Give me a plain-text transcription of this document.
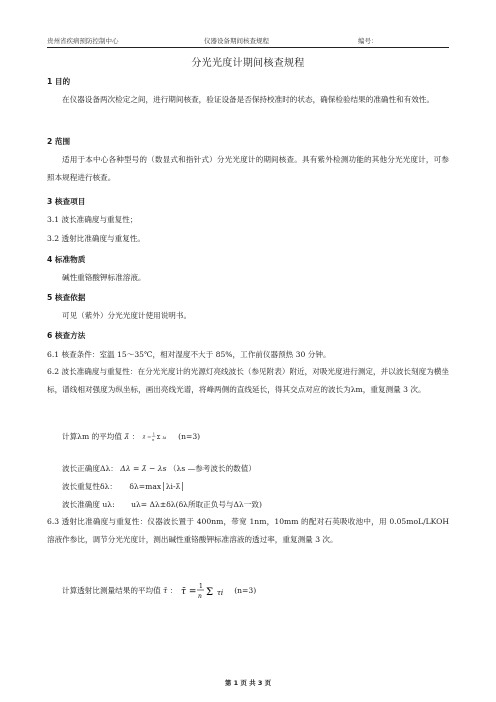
贵州省疾病预防控制中心	仪器设备期间核查规程	编号：
分光光度计期间核查规程
1 目的
在仪器设备两次检定之间，进行期间核查，验证设备是否保持校准时的状态，确保检验结果的准确性和有效性。
2 范围
适用于本中心各种型号的（数显式和指针式）分光光度计的期间核查。具有紫外检测功能的其他分光光度计，可参照本规程进行核查。
3 核查项目
3.1 波长准确度与重复性；
3.2 透射比准确度与重复性。
4 标准物质
碱性重铬酸钾标准溶液。
5 核查依据
可见（紫外）分光光度计使用说明书。
6 核查方法
6.1 核查条件：室温 15～35℃，相对湿度不大于 85%，工作前仪器预热 30 分钟。
6.2 波长准确度与重复性：在分光光度计的光源灯亮线波长（参见附表）附近，对吸光度进行测定，并以波长刻度为横坐标，谱线相对强度为纵坐标，画出亮线光谱，将峰两侧的直线延长，得其交点对应的波长为λm，重复测量 3 次。
计算λm 的平均值 λ̄ ： λ̄ =
1
n Σ λi (n=3)
波长正确度Δλ： Δλ = λ̄ − λs （λs —参考波长的数值）
波长重复性δλ： δλ=max│λi-λ̄│
波长准确度 uλ: uλ= Δλ±δλ(δλ所取正负号与Δλ一致)
6.3 透射比准确度与重复性：仪器波长置于 400nm，带宽 1nm，10mm 的配对石英吸收池中，用 0.05moL/LKOH 溶液作参比，调节分光光度计，测出碱性重铬酸钾标准溶液的透过率，重复测量 3 次。
计算透射比测量结果的平均值 τ̄ ： τ̄ =
1
n Σ τi (n=3)
第 1 页 共 3 页
